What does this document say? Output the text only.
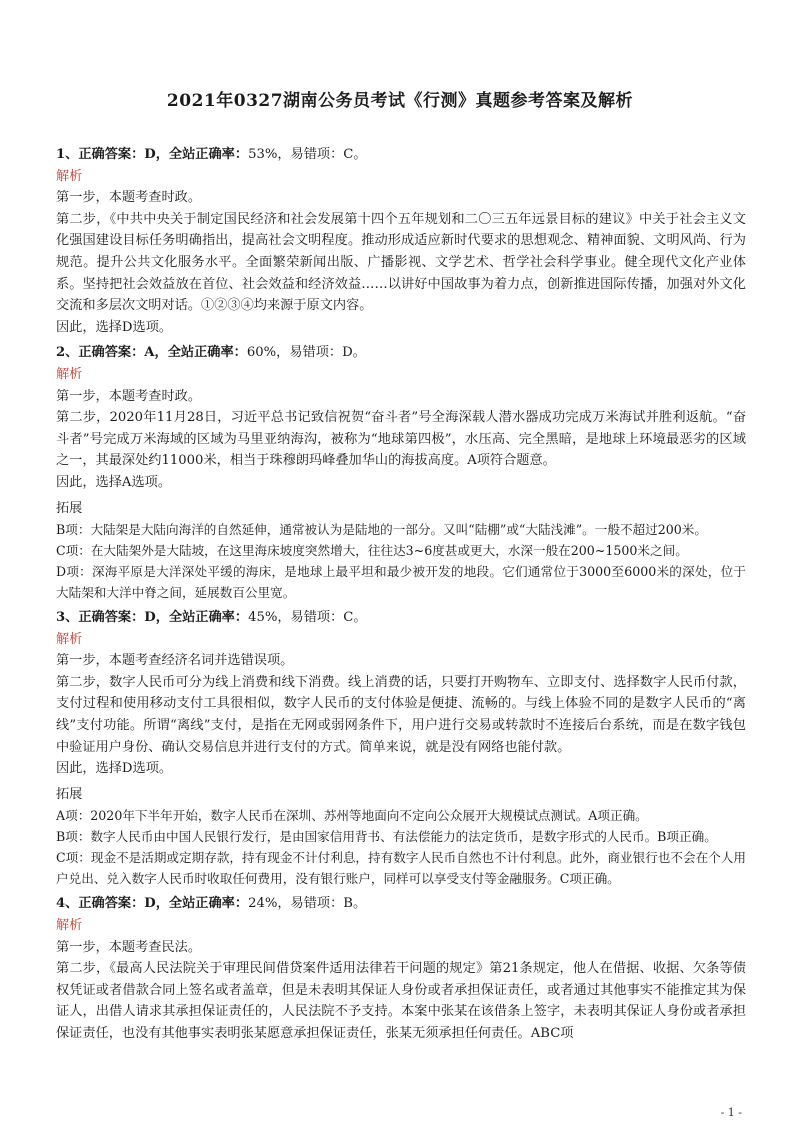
2021年0327湖南公务员考试《行测》真题参考答案及解析

1、正确答案：D，全站正确率：53%，易错项：C。

解析

第一步，本题考查时政。

第二步，《中共中央关于制定国民经济和社会发展第十四个五年规划和二〇三五年远景目标的建议》中关于社会主义文化强国建设目标任务明确指出，提高社会文明程度。推动形成适应新时代要求的思想观念、精神面貌、文明风尚、行为规范。提升公共文化服务水平。全面繁荣新闻出版、广播影视、文学艺术、哲学社会科学事业。健全现代文化产业体系。坚持把社会效益放在首位、社会效益和经济效益……以讲好中国故事为着力点，创新推进国际传播，加强对外文化交流和多层次文明对话。①②③④均来源于原文内容。

因此，选择D选项。

2、正确答案：A，全站正确率：60%，易错项：D。

解析

第一步，本题考查时政。

第二步，2020年11月28日，习近平总书记致信祝贺“奋斗者”号全海深载人潜水器成功完成万米海试并胜利返航。“奋斗者”号完成万米海域的区域为马里亚纳海沟，被称为“地球第四极”，水压高、完全黑暗，是地球上环境最恶劣的区域之一，其最深处约11000米，相当于珠穆朗玛峰叠加华山的海拔高度。A项符合题意。

因此，选择A选项。

拓展

B项：大陆架是大陆向海洋的自然延伸，通常被认为是陆地的一部分。又叫“陆棚”或“大陆浅滩”。一般不超过200米。

C项：在大陆架外是大陆坡，在这里海床坡度突然增大，往往达3~6度甚或更大，水深一般在200~1500米之间。

D项：深海平原是大洋深处平缓的海床，是地球上最平坦和最少被开发的地段。它们通常位于3000至6000米的深处，位于大陆架和大洋中脊之间，延展数百公里宽。

3、正确答案：D，全站正确率：45%，易错项：C。

解析

第一步，本题考查经济名词并选错误项。

第二步，数字人民币可分为线上消费和线下消费。线上消费的话，只要打开购物车、立即支付、选择数字人民币付款，支付过程和使用移动支付工具很相似，数字人民币的支付体验是便捷、流畅的。与线上体验不同的是数字人民币的“离线”支付功能。所谓“离线”支付，是指在无网或弱网条件下，用户进行交易或转款时不连接后台系统，而是在数字钱包中验证用户身份、确认交易信息并进行支付的方式。简单来说，就是没有网络也能付款。

因此，选择D选项。

拓展

A项：2020年下半年开始，数字人民币在深圳、苏州等地面向不定向公众展开大规模试点测试。A项正确。

B项：数字人民币由中国人民银行发行，是由国家信用背书、有法偿能力的法定货币，是数字形式的人民币。B项正确。

C项：现金不是活期或定期存款，持有现金不计付利息，持有数字人民币自然也不计付利息。此外，商业银行也不会在个人用户兑出、兑入数字人民币时收取任何费用，没有银行账户，同样可以享受支付等金融服务。C项正确。

4、正确答案：D，全站正确率：24%，易错项：B。

解析

第一步，本题考查民法。

第二步，《最高人民法院关于审理民间借贷案件适用法律若干问题的规定》第21条规定，他人在借据、收据、欠条等债权凭证或者借款合同上签名或者盖章，但是未表明其保证人身份或者承担保证责任，或者通过其他事实不能推定其为保证人，出借人请求其承担保证责任的，人民法院不予支持。本案中张某在该借条上签字，未表明其保证人身份或者承担保证责任，也没有其他事实表明张某愿意承担保证责任，张某无须承担任何责任。ABC项

- 1 -
